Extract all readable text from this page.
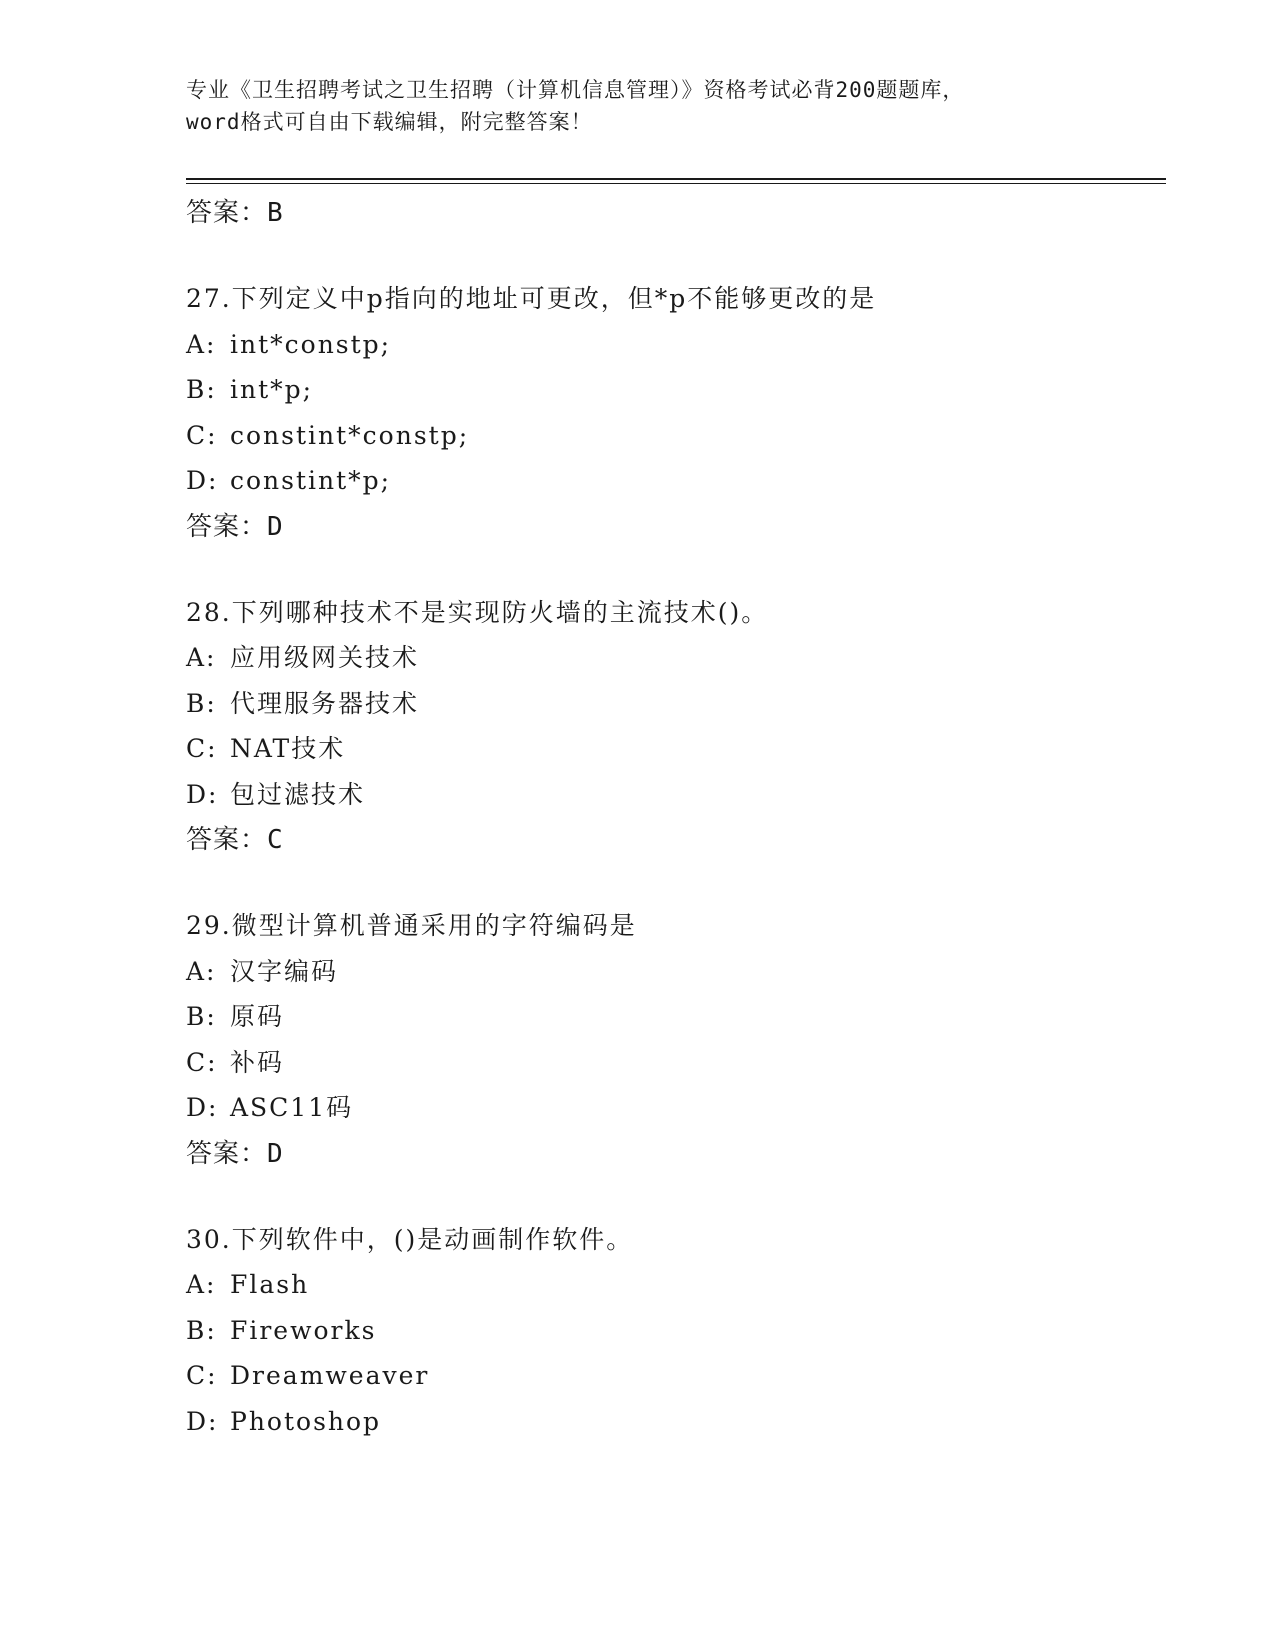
专业《卫生招聘考试之卫生招聘（计算机信息管理）》资格考试必背200题题库，
word格式可自由下载编辑，附完整答案！
答案：B
27.下列定义中p指向的地址可更改，但*p不能够更改的是
A: int*constp;
B: int*p;
C: constint*constp;
D: constint*p;
答案：D
28.下列哪种技术不是实现防火墙的主流技术()。
A: 应用级网关技术
B: 代理服务器技术
C: NAT技术
D: 包过滤技术
答案：C
29.微型计算机普通采用的字符编码是
A: 汉字编码
B: 原码
C: 补码
D: ASC11码
答案：D
30.下列软件中，()是动画制作软件。
A: Flash
B: Fireworks
C: Dreamweaver
D: Photoshop
